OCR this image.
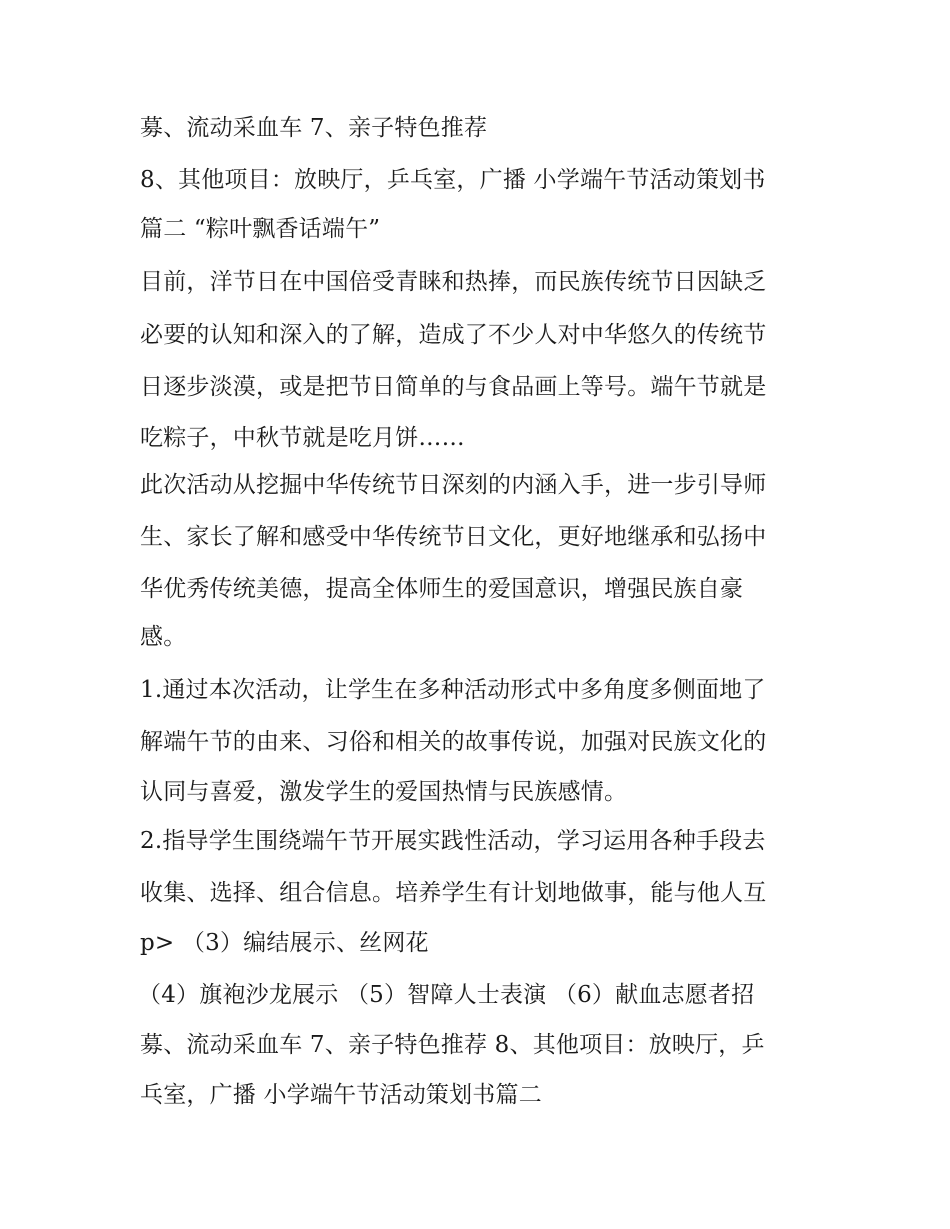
募、流动采血车 7、亲子特色推荐
8、其他项目：放映厅，乒乓室，广播 小学端午节活动策划书
篇二 “粽叶飘香话端午”
目前，洋节日在中国倍受青睐和热捧，而民族传统节日因缺乏
必要的认知和深入的了解，造成了不少人对中华悠久的传统节
日逐步淡漠，或是把节日简单的与食品画上等号。端午节就是
吃粽子，中秋节就是吃月饼……
此次活动从挖掘中华传统节日深刻的内涵入手，进一步引导师
生、家长了解和感受中华传统节日文化，更好地继承和弘扬中
华优秀传统美德，提高全体师生的爱国意识，增强民族自豪
感。
1.通过本次活动，让学生在多种活动形式中多角度多侧面地了
解端午节的由来、习俗和相关的故事传说，加强对民族文化的
认同与喜爱，激发学生的爱国热情与民族感情。
2.指导学生围绕端午节开展实践性活动，学习运用各种手段去
收集、选择、组合信息。培养学生有计划地做事，能与他人互
p> （3）编结展示、丝网花
（4）旗袍沙龙展示 （5）智障人士表演 （6）献血志愿者招
募、流动采血车 7、亲子特色推荐 8、其他项目：放映厅，乒
乓室，广播 小学端午节活动策划书篇二
